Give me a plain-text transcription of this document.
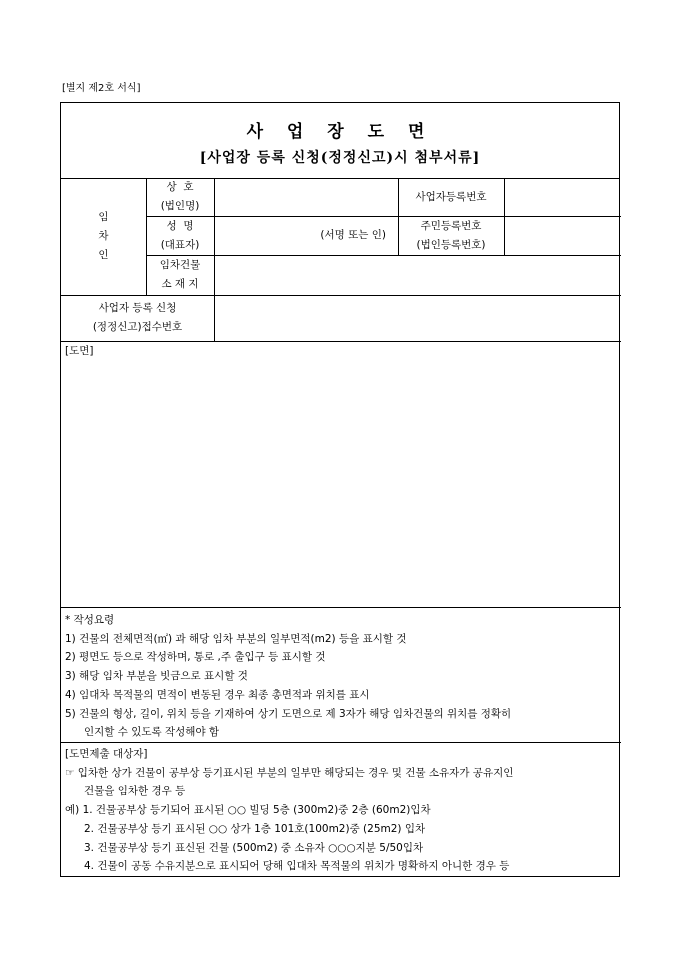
[별지 제2호 서식]
사 업 장 도 면
[사업장 등록 신청(정정신고)시 첨부서류]
임
차
인
상  호
(법인명)
사업자등록번호
성  명
(대표자)
(서명 또는 인)
주민등록번호
(법인등록번호)
임차건물
소 재 지
사업자 등록 신청
(정정신고)접수번호
[도면]
* 작성요령
1) 건물의 전체면적(㎡) 과 해당 임차 부분의 일부면적(m2) 등을 표시할 것
2) 평면도 등으로 작성하며, 통로 ,주 출입구 등 표시할 것
3) 해당 임차 부분을 빗금으로 표시할 것
4) 임대차 목적물의 면적이 변동된 경우 최종 총면적과 위치를 표시
5) 건물의 형상, 길이, 위치 등을 기재하여 상기 도면으로 제 3자가 해당 임차건물의 위치를 정확히
인지할 수 있도록 작성해야 함
[도면제출 대상자]
☞ 입차한 상가 건물이 공부상 등기표시된 부분의 일부만 해당되는 경우 및 건물 소유자가 공유지인
건물을 임차한 경우 등
예) 1. 건물공부상 등기되어 표시된 ○○ 빌딩 5층 (300m2)중 2층 (60m2)입차
2. 건물공부상 등기 표시된 ○○ 상가 1층 101호(100m2)중 (25m2) 입차
3. 건물공부상 등기 표신된 건물 (500m2) 중 소유자 ○○○지분 5/50입차
4. 건물이 공동 수유지분으로 표시되어 당해 입대차 목적물의 위치가 명확하지 아니한 경우 등
